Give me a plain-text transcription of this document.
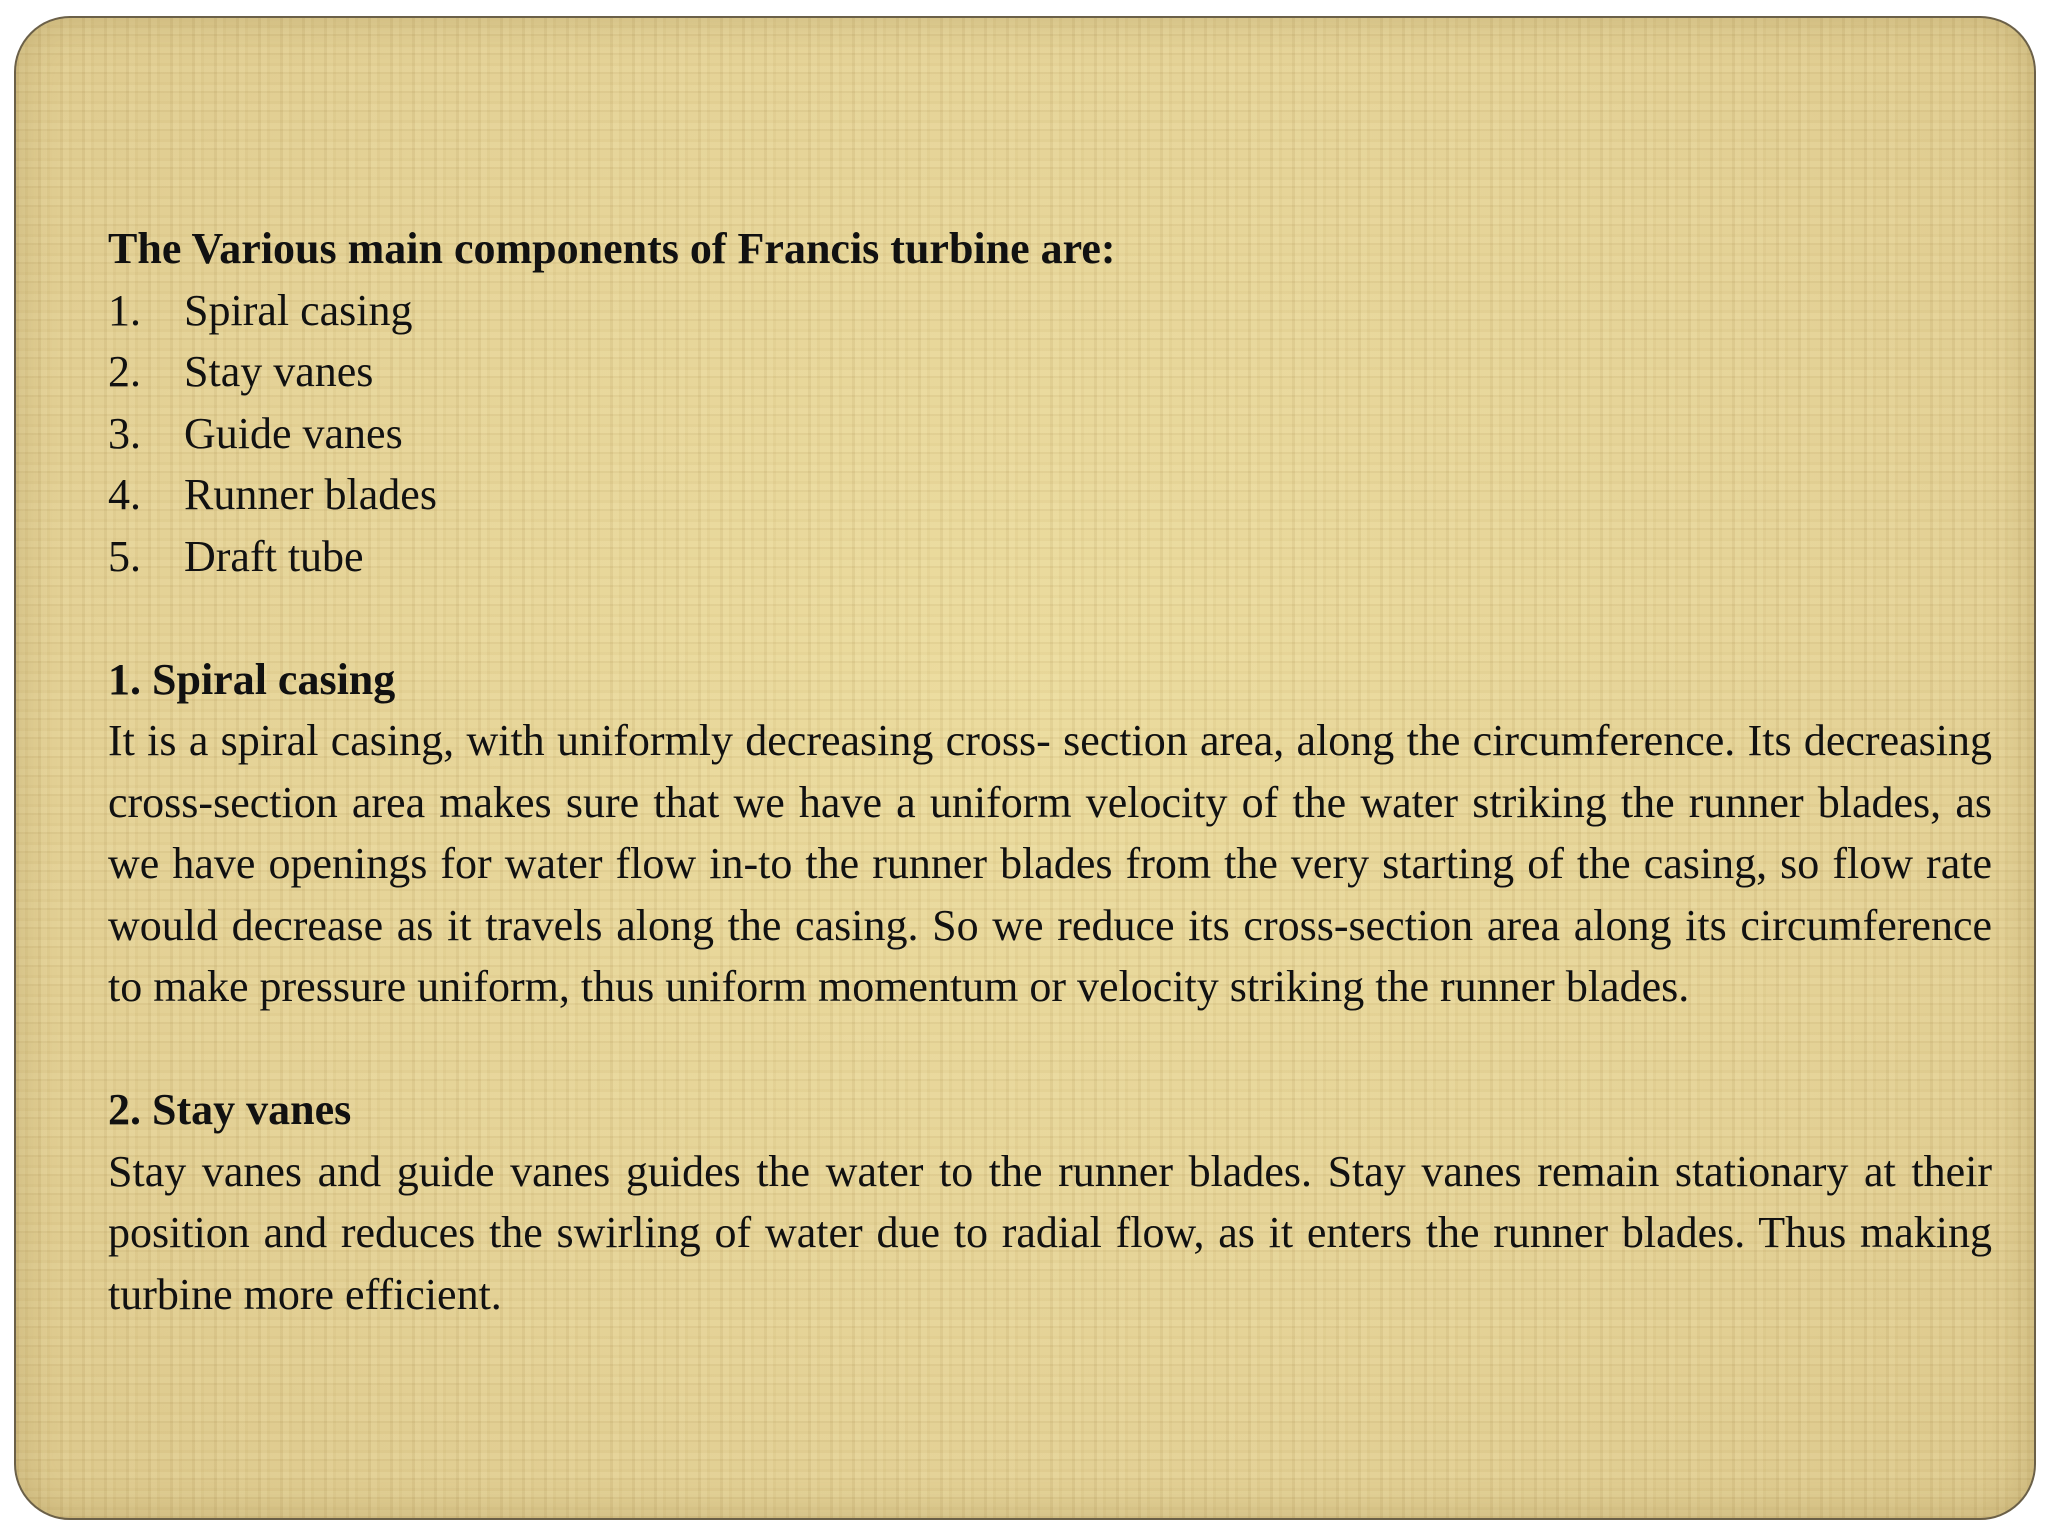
The Various main components of Francis turbine are:

1. Spiral casing
2. Stay vanes
3. Guide vanes
4. Runner blades
5. Draft tube

1. Spiral casing

It is a spiral casing, with uniformly decreasing cross- section area, along the circumference. Its decreasing cross-section area makes sure that we have a uniform velocity of the water striking the runner blades, as we have openings for water flow in-to the runner blades from the very starting of the casing, so flow rate would decrease as it travels along the casing. So we reduce its cross-section area along its circumference to make pressure uniform, thus uniform momentum or velocity striking the runner blades.

2. Stay vanes

Stay vanes and guide vanes guides the water to the runner blades. Stay vanes remain stationary at their position and reduces the swirling of water due to radial flow, as it enters the runner blades. Thus making turbine more efficient.
